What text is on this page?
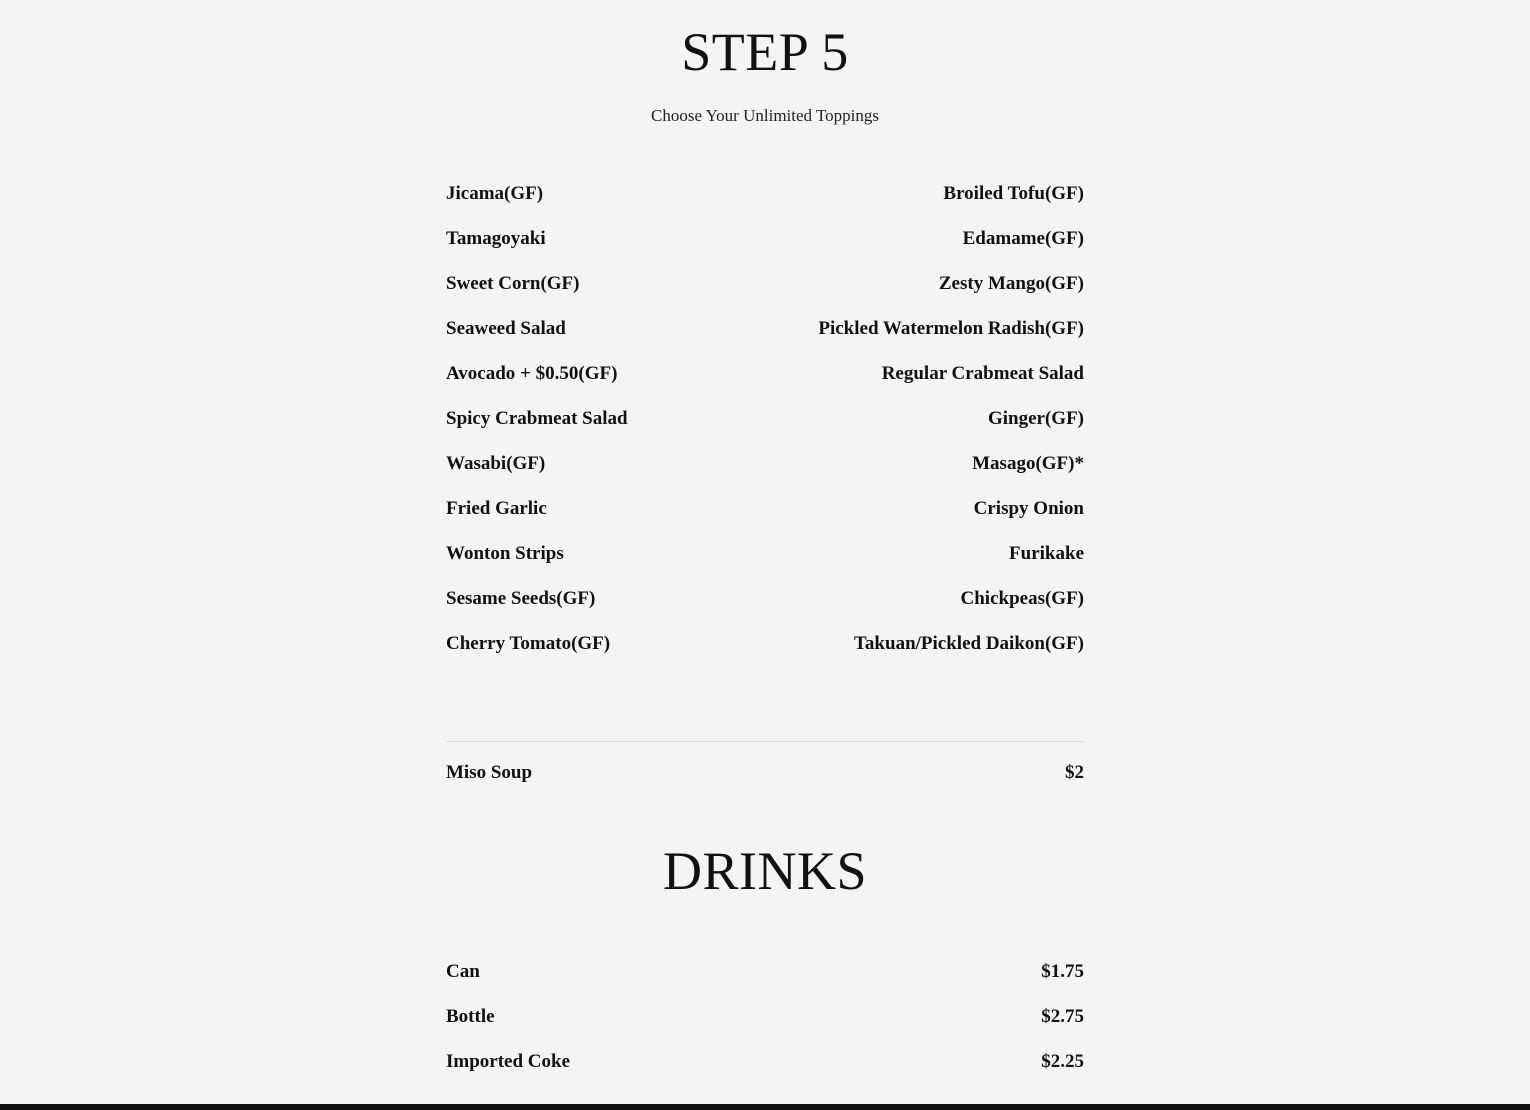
STEP 5
Choose Your Unlimited Toppings
Jicama(GF)	Broiled Tofu(GF)
Tamagoyaki	Edamame(GF)
Sweet Corn(GF)	Zesty Mango(GF)
Seaweed Salad	Pickled Watermelon Radish(GF)
Avocado + $0.50(GF)	Regular Crabmeat Salad
Spicy Crabmeat Salad	Ginger(GF)
Wasabi(GF)	Masago(GF)*
Fried Garlic	Crispy Onion
Wonton Strips	Furikake
Sesame Seeds(GF)	Chickpeas(GF)
Cherry Tomato(GF)	Takuan/Pickled Daikon(GF)
Miso Soup	$2
DRINKS
Can	$1.75
Bottle	$2.75
Imported Coke	$2.25
